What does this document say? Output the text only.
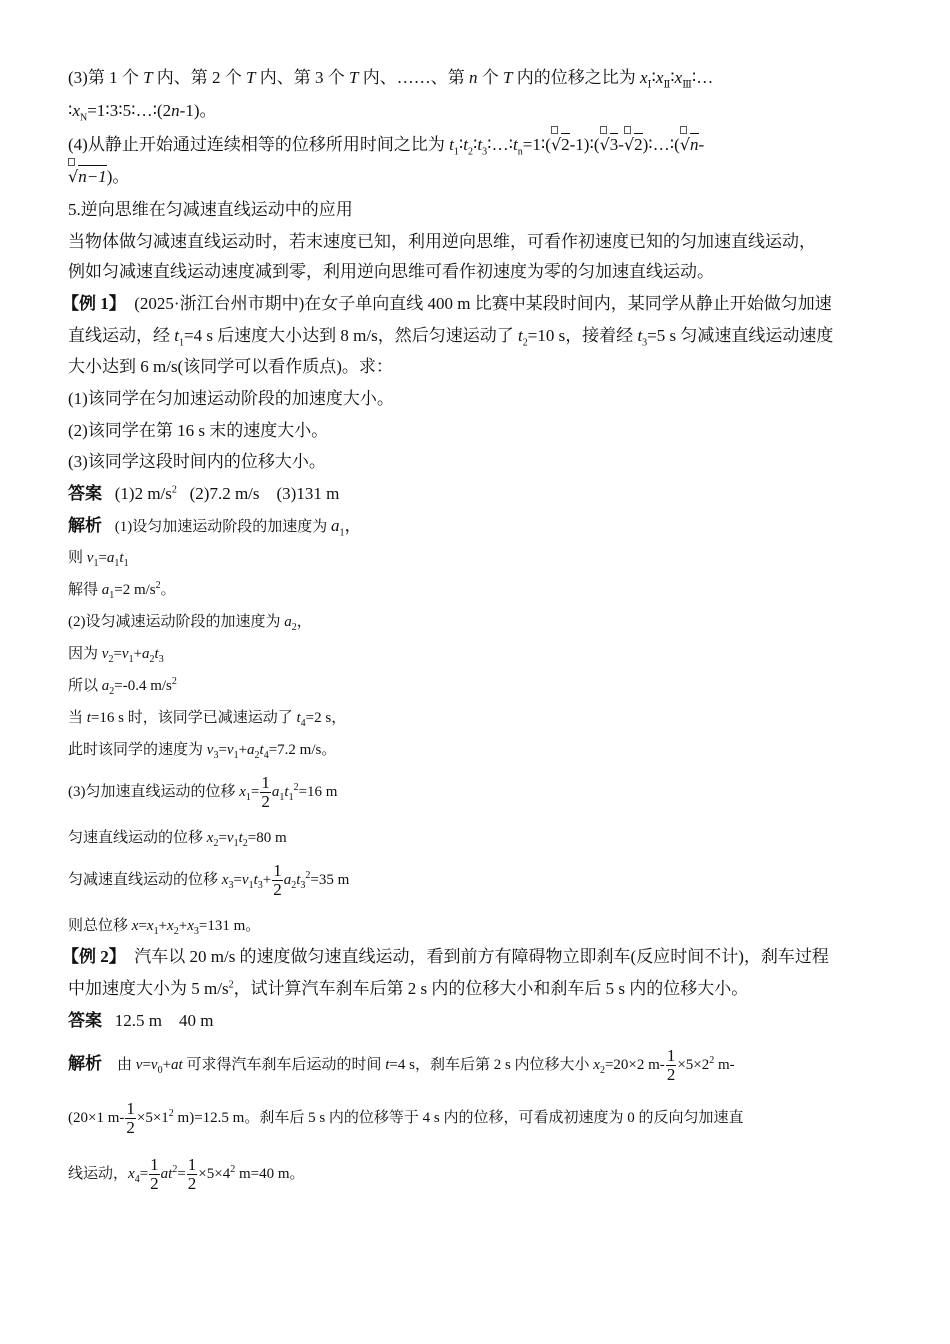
(3)第 1 个 T 内、第 2 个 T 内、第 3 个 T 内、……、第 n 个 T 内的位移之比为 $x_Ⅰ∶x_Ⅱ∶x_Ⅲ∶\dots$
$∶x_N=1∶3∶5∶\dots∶(2n-1)$。
(4)从静止开始通过连续相等的位移所用时间之比为 $t_1∶t_2∶t_3∶\dots∶t_n=1∶$(
√2-1)∶(
√3-
√2)∶…∶(
√n-
√n−1)。
5.逆向思维在匀减速直线运动中的应用
当物体做匀减速直线运动时，若末速度已知，利用逆向思维，可看作初速度已知的匀加速直线运动，
例如匀减速直线运动速度减到零，利用逆向思维可看作初速度为零的匀加速直线运动。
【例 1】 (2025·浙江台州市期中)在女子单向直线 400 m 比赛中某段时间内，某同学从静止开始做匀加速
直线运动，经 $t_1=4$ s 后速度大小达到 8 m/s，然后匀速运动了 $t_2=10$ s，接着经 $t_3=5$ s 匀减速直线运动速度
大小达到 6 m/s(该同学可以看作质点)。求：
(1)该同学在匀加速运动阶段的加速度大小。
(2)该同学在第 16 s 末的速度大小。
(3)该同学这段时间内的位移大小。
答案 (1)2 $m/s^2$   (2)7.2 m/s    (3)131 m
解析 (1)设匀加速运动阶段的加速度为 $a_1$，
则 $v_1=a_1t_1$
解得 $a_1=2$ $m/s^2$。
(2)设匀减速运动阶段的加速度为 $a_2$，
因为 $v_2=v_1+a_2t_3$
所以 $a_2=-0.4$ $m/s^2$
当 t=16 s 时，该同学已减速运动了 $t_4=2$ s，
此时该同学的速度为 $v_3=v_1+a_2t_4=7.2$ m/s。
(3)匀加速直线运动的位移 $x_1= \frac{1}{2} a_1t_1^2=16$ m
匀速直线运动的位移 $x_2=v_1t_2=80$ m
匀减速直线运动的位移 $x_3=v_1t_3+ \frac{1}{2} a_2t_3^2=35$ m
则总位移 $x=x_1+x_2+x_3=131$ m。
【例 2】 汽车以 20 m/s 的速度做匀速直线运动，看到前方有障碍物立即刹车(反应时间不计)，刹车过程
中加速度大小为 5 $m/s^2$，试计算汽车刹车后第 2 s 内的位移大小和刹车后 5 s 内的位移大小。
答案 12.5 m    40 m
解析 由 $v=v_0+at$ 可求得汽车刹车后运动的时间 t=4 s，刹车后第 2 s 内位移大小 $x_2=20\times 2$ $m- \frac{1}{2} \times 5\times 2^2$ m-
(20×1 $m- \frac{1}{2} \times 5\times 1^2$ m)=12.5 m。刹车后 5 s 内的位移等于 4 s 内的位移，可看成初速度为 0 的反向匀加速直
线运动，$x_4= \frac{1}{2} at^2= \frac{1}{2} \times 5\times 4^2$ m=40 m。
